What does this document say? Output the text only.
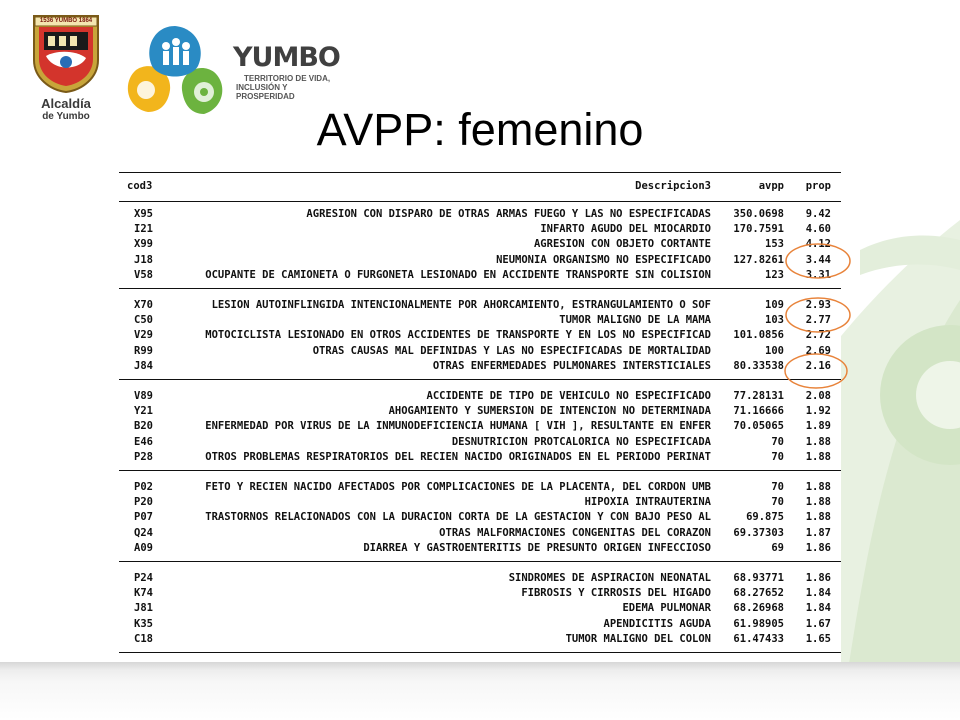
1536 YUMBO 1864
Alcaldía
de Yumbo
YUMBO
TERRITORIO DE VIDA,
INCLUSIÓN Y PROSPERIDAD
AVPP: femenino
cod3	Descripcion3	avpp prop
X95	AGRESION CON DISPARO DE OTRAS ARMAS FUEGO Y LAS NO ESPECIFICADAS 350.0698 9.42
I21	INFARTO AGUDO DEL MIOCARDIO 170.7591 4.60
X99	AGRESION CON OBJETO CORTANTE	153 4.12
J18	NEUMONIA ORGANISMO NO ESPECIFICADO 127.8261 3.44
V58	OCUPANTE DE CAMIONETA O FURGONETA LESIONADO EN ACCIDENTE TRANSPORTE SIN COLISION	123 3.31
X70	LESION AUTOINFLINGIDA INTENCIONALMENTE POR AHORCAMIENTO, ESTRANGULAMIENTO O SOF	109 2.93
C50	TUMOR MALIGNO DE LA MAMA	103 2.77
V29	MOTOCICLISTA LESIONADO EN OTROS ACCIDENTES DE TRANSPORTE Y EN LOS NO ESPECIFICAD 101.0856 2.72
R99	OTRAS CAUSAS MAL DEFINIDAS Y LAS NO ESPECIFICADAS DE MORTALIDAD	100 2.69
J84	OTRAS ENFERMEDADES PULMONARES INTERSTICIALES 80.33538 2.16
V89	ACCIDENTE DE TIPO DE VEHICULO NO ESPECIFICADO 77.28131 2.08
Y21	AHOGAMIENTO Y SUMERSION DE INTENCION NO DETERMINADA 71.16666 1.92
B20	ENFERMEDAD POR VIRUS DE LA INMUNODEFICIENCIA HUMANA [ VIH ], RESULTANTE EN ENFER 70.05065 1.89
E46	DESNUTRICION PROTCALORICA NO ESPECIFICADA	70 1.88
P28	OTROS PROBLEMAS RESPIRATORIOS DEL RECIEN NACIDO ORIGINADOS EN EL PERIODO PERINAT	70 1.88
P02	FETO Y RECIEN NACIDO AFECTADOS POR COMPLICACIONES DE LA PLACENTA, DEL CORDON UMB	70 1.88
P20	HIPOXIA INTRAUTERINA	70 1.88
P07	TRASTORNOS RELACIONADOS CON LA DURACION CORTA DE LA GESTACION Y CON BAJO PESO AL	69.875 1.88
Q24	OTRAS MALFORMACIONES CONGENITAS DEL CORAZON 69.37303 1.87
A09	DIARREA Y GASTROENTERITIS DE PRESUNTO ORIGEN INFECCIOSO	69 1.86
P24	SINDROMES DE ASPIRACION NEONATAL 68.93771 1.86
K74	FIBROSIS Y CIRROSIS DEL HIGADO 68.27652 1.84
J81	EDEMA PULMONAR 68.26968 1.84
K35	APENDICITIS AGUDA 61.98905 1.67
C18	TUMOR MALIGNO DEL COLON 61.47433 1.65
